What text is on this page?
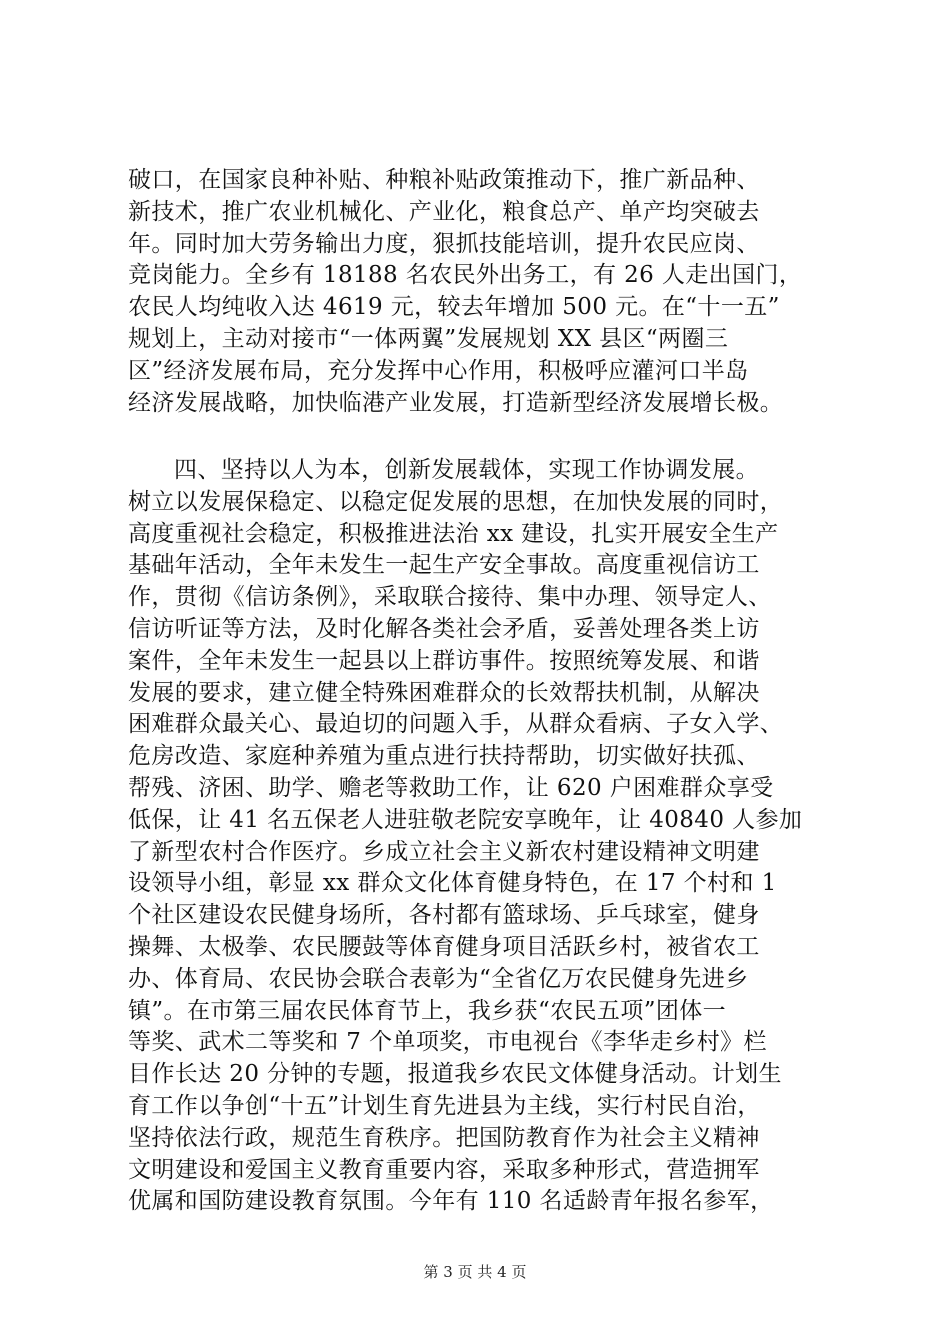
破口，在国家良种补贴、种粮补贴政策推动下，推广新品种、
新技术，推广农业机械化、产业化，粮食总产、单产均突破去
年。同时加大劳务输出力度，狠抓技能培训，提升农民应岗、
竞岗能力。全乡有 18188 名农民外出务工，有 26 人走出国门，
农民人均纯收入达 4619 元，较去年增加 500 元。在“十一五”
规划上，主动对接市“一体两翼”发展规划 XX 县区“两圈三
区”经济发展布局，充分发挥中心作用，积极呼应灌河口半岛
经济发展战略，加快临港产业发展，打造新型经济发展增长极。
四、坚持以人为本，创新发展载体，实现工作协调发展。
树立以发展保稳定、以稳定促发展的思想，在加快发展的同时，
高度重视社会稳定，积极推进法治 xx 建设，扎实开展安全生产
基础年活动，全年未发生一起生产安全事故。高度重视信访工
作，贯彻《信访条例》，采取联合接待、集中办理、领导定人、
信访听证等方法，及时化解各类社会矛盾，妥善处理各类上访
案件，全年未发生一起县以上群访事件。按照统筹发展、和谐
发展的要求，建立健全特殊困难群众的长效帮扶机制，从解决
困难群众最关心、最迫切的问题入手，从群众看病、子女入学、
危房改造、家庭种养殖为重点进行扶持帮助，切实做好扶孤、
帮残、济困、助学、赡老等救助工作，让 620 户困难群众享受
低保，让 41 名五保老人进驻敬老院安享晚年，让 40840 人参加
了新型农村合作医疗。乡成立社会主义新农村建设精神文明建
设领导小组，彰显 xx 群众文化体育健身特色，在 17 个村和 1
个社区建设农民健身场所，各村都有篮球场、乒乓球室，健身
操舞、太极拳、农民腰鼓等体育健身项目活跃乡村，被省农工
办、体育局、农民协会联合表彰为“全省亿万农民健身先进乡
镇”。在市第三届农民体育节上，我乡获“农民五项”团体一
等奖、武术二等奖和 7 个单项奖，市电视台《李华走乡村》栏
目作长达 20 分钟的专题，报道我乡农民文体健身活动。计划生
育工作以争创“十五”计划生育先进县为主线，实行村民自治，
坚持依法行政，规范生育秩序。把国防教育作为社会主义精神
文明建设和爱国主义教育重要内容，采取多种形式，营造拥军
优属和国防建设教育氛围。今年有 110 名适龄青年报名参军，
第 3 页 共 4 页
